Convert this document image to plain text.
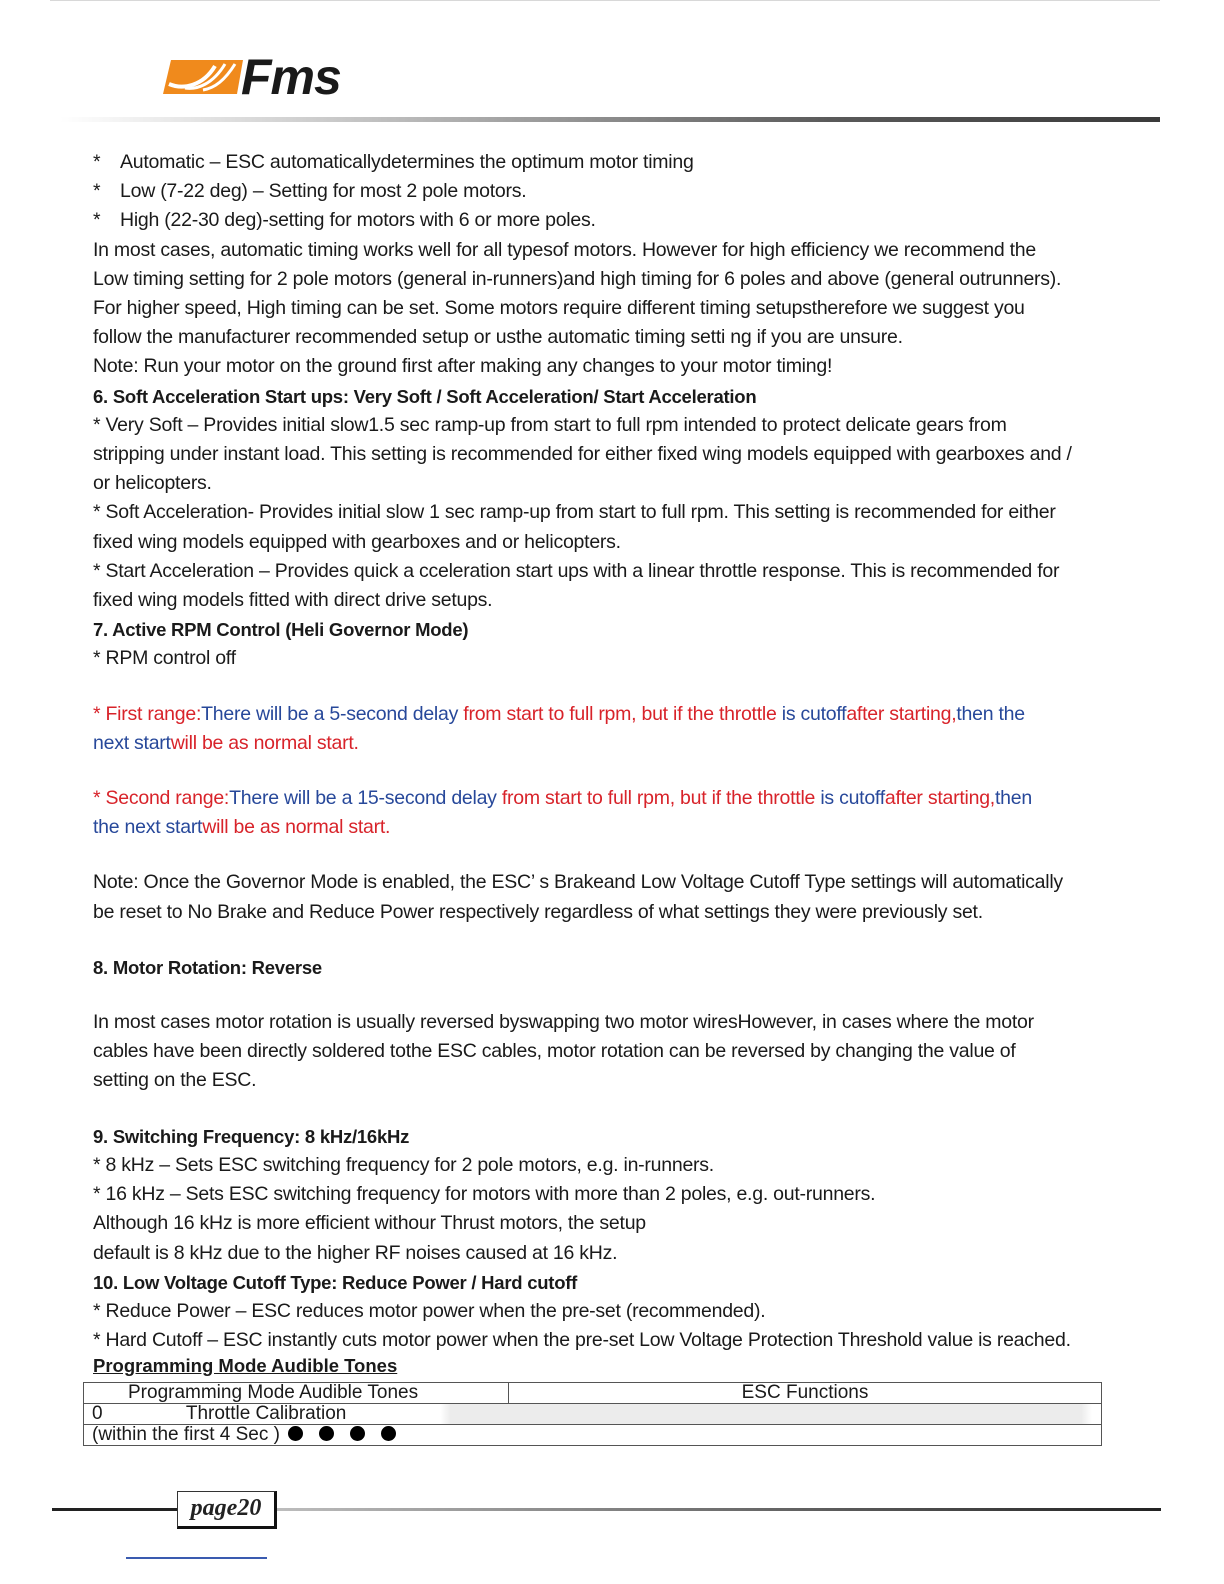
Fms
* Automatic – ESC automaticallydetermines the optimum motor timing
* Low (7-22 deg) – Setting for most 2 pole motors.
* High (22-30 deg)-setting for motors with 6 or more poles.
In most cases, automatic timing works well for all typesof motors. However for high efficiency we recommend the
Low timing setting for 2 pole motors (general in-runners)and high timing for 6 poles and above (general outrunners).
For higher speed, High timing can be set. Some motors require different timing setupstherefore we suggest you
follow the manufacturer recommended setup or usthe automatic timing setti ng if you are unsure.
Note: Run your motor on the ground first after making any changes to your motor timing!
6. Soft Acceleration Start ups: Very Soft / Soft Acceleration/ Start Acceleration
* Very Soft – Provides initial slow1.5 sec ramp-up from start to full rpm intended to protect delicate gears from
stripping under instant load. This setting is recommended for either fixed wing models equipped with gearboxes and /
or helicopters.
* Soft Acceleration- Provides initial slow 1 sec ramp-up from start to full rpm. This setting is recommended for either
fixed wing models equipped with gearboxes and or helicopters.
* Start Acceleration – Provides quick a cceleration start ups with a linear throttle response. This is recommended for
fixed wing models fitted with direct drive setups.
7. Active RPM Control (Heli Governor Mode)
* RPM control off
* First range:There will be a 5-second delay from start to full rpm, but if the throttle is cutoffafter starting,then the
next startwill be as normal start.
* Second range:There will be a 15-second delay from start to full rpm, but if the throttle is cutoffafter starting,then
the next startwill be as normal start.
Note: Once the Governor Mode is enabled, the ESC’ s Brakeand Low Voltage Cutoff Type settings will automatically
be reset to No Brake and Reduce Power respectively regardless of what settings they were previously set.
8. Motor Rotation: Reverse
In most cases motor rotation is usually reversed byswapping two motor wiresHowever, in cases where the motor
cables have been directly soldered tothe ESC cables, motor rotation can be reversed by changing the value of
setting on the ESC.
9. Switching Frequency: 8 kHz/16kHz
* 8 kHz – Sets ESC switching frequency for 2 pole motors, e.g. in-runners.
* 16 kHz – Sets ESC switching frequency for motors with more than 2 poles, e.g. out-runners.
Although 16 kHz is more efficient withour Thrust motors, the setup
default is 8 kHz due to the higher RF noises caused at 16 kHz.
10. Low Voltage Cutoff Type: Reduce Power / Hard cutoff
* Reduce Power – ESC reduces motor power when the pre-set (recommended).
* Hard Cutoff – ESC instantly cuts motor power when the pre-set Low Voltage Protection Threshold value is reached.
Programming Mode Audible Tones
Programming Mode Audible Tones	ESC Functions
0	Throttle Calibration
(within the first 4 Sec )
page20
